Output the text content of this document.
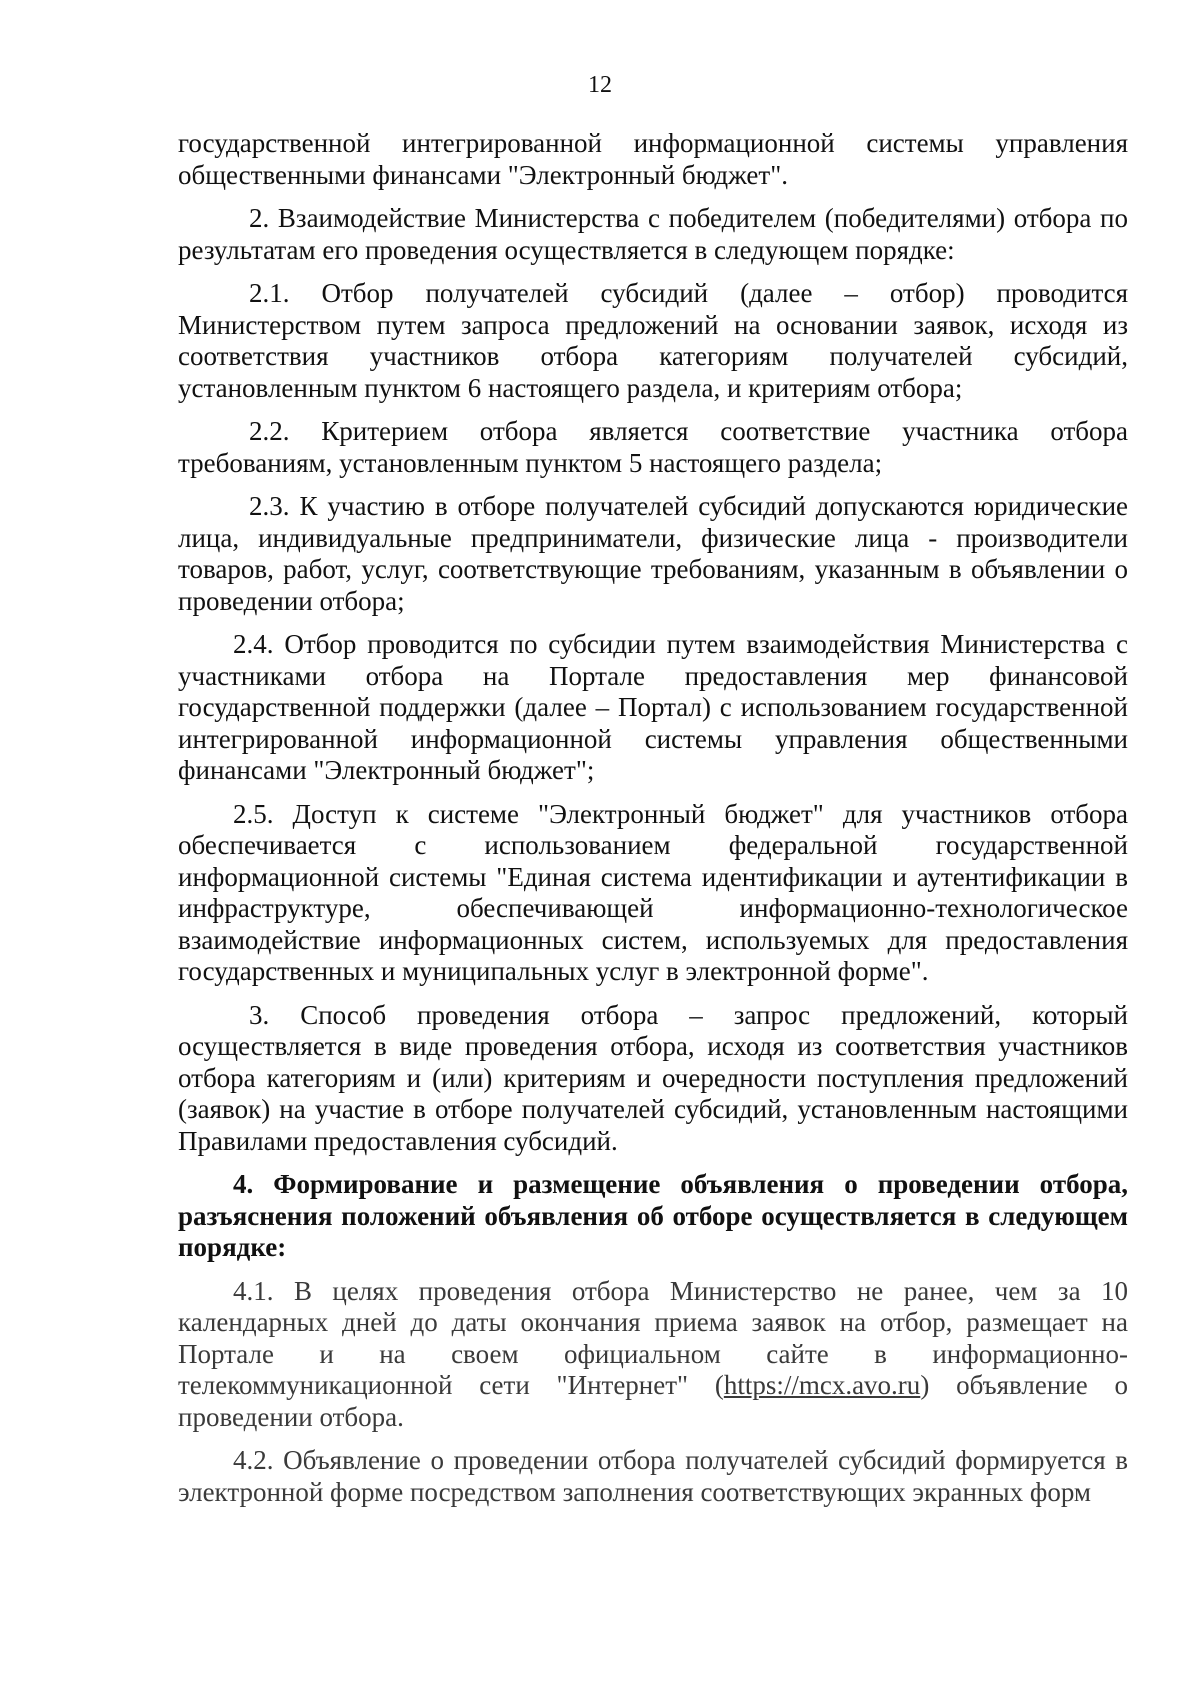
12

государственной интегрированной информационной системы управления общественными финансами "Электронный бюджет".

2. Взаимодействие Министерства с победителем (победителями) отбора по результатам его проведения осуществляется в следующем порядке:

2.1. Отбор получателей субсидий (далее – отбор) проводится Министерством путем запроса предложений на основании заявок, исходя из соответствия участников отбора категориям получателей субсидий, установленным пунктом 6 настоящего раздела, и критериям отбора;

2.2. Критерием отбора является соответствие участника отбора требованиям, установленным пунктом 5 настоящего раздела;

2.3. К участию в отборе получателей субсидий допускаются юридические лица, индивидуальные предприниматели, физические лица - производители товаров, работ, услуг, соответствующие требованиям, указанным в объявлении о проведении отбора;

2.4. Отбор проводится по субсидии путем взаимодействия Министерства с участниками отбора на Портале предоставления мер финансовой государственной поддержки (далее – Портал) с использованием государственной интегрированной информационной системы управления общественными финансами "Электронный бюджет";

2.5. Доступ к системе "Электронный бюджет" для участников отбора обеспечивается с использованием федеральной государственной информационной системы "Единая система идентификации и аутентификации в инфраструктуре, обеспечивающей информационно-технологическое взаимодействие информационных систем, используемых для предоставления государственных и муниципальных услуг в электронной форме".

3. Способ проведения отбора – запрос предложений, который осуществляется в виде проведения отбора, исходя из соответствия участников отбора категориям и (или) критериям и очередности поступления предложений (заявок) на участие в отборе получателей субсидий, установленным настоящими Правилами предоставления субсидий.

4. Формирование и размещение объявления о проведении отбора, разъяснения положений объявления об отборе осуществляется в следующем порядке:

4.1. В целях проведения отбора Министерство не ранее, чем за 10 календарных дней до даты окончания приема заявок на отбор, размещает на Портале и на своем официальном сайте в информационно-телекоммуникационной сети "Интернет" (https://mcx.avo.ru) объявление о проведении отбора.

4.2. Объявление о проведении отбора получателей субсидий формируется в электронной форме посредством заполнения соответствующих экранных форм
